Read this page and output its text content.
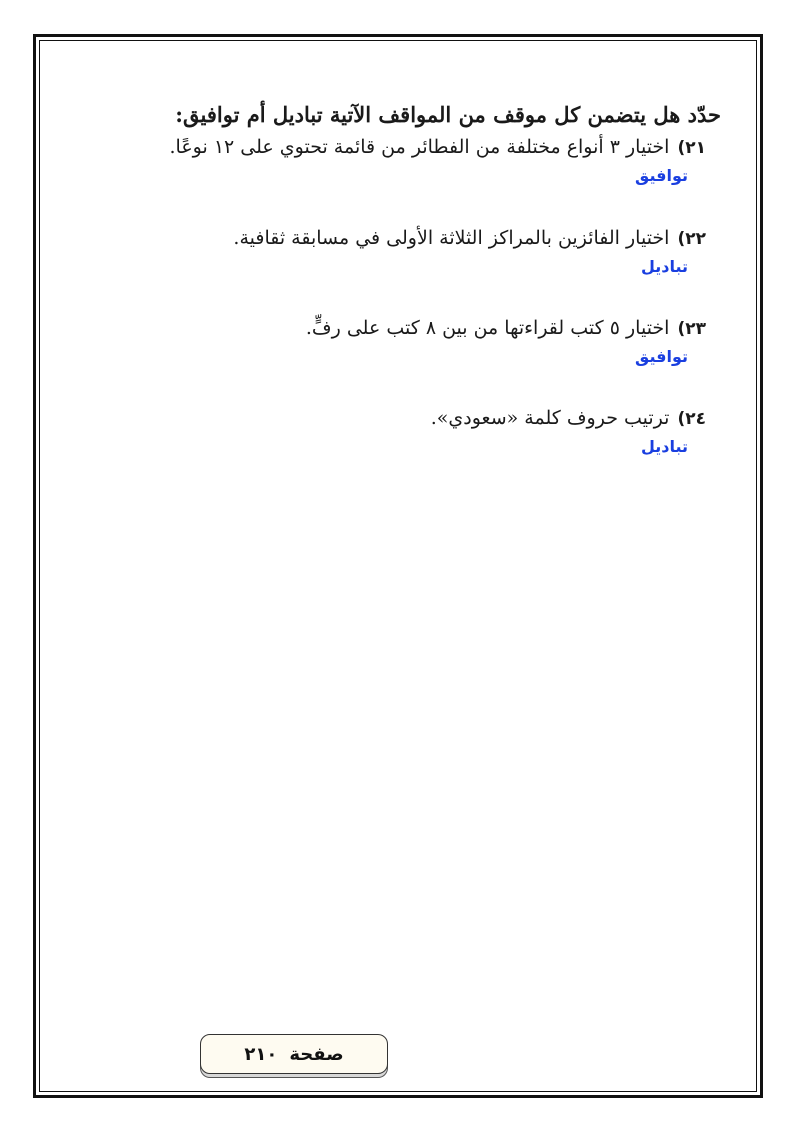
حدّد هل يتضمن كل موقف من المواقف الآتية تباديل أم توافيق:
٢١)اختيار ٣ أنواع مختلفة من الفطائر من قائمة تحتوي على ١٢ نوعًا.
توافيق
٢٢)اختيار الفائزين بالمراكز الثلاثة الأولى في مسابقة ثقافية.
تباديل
٢٣)اختيار ٥ كتب لقراءتها من بين ٨ كتب على رفٍّ.
توافيق
٢٤)ترتيب حروف كلمة «سعودي».
تباديل
صفحة
٢١٠
